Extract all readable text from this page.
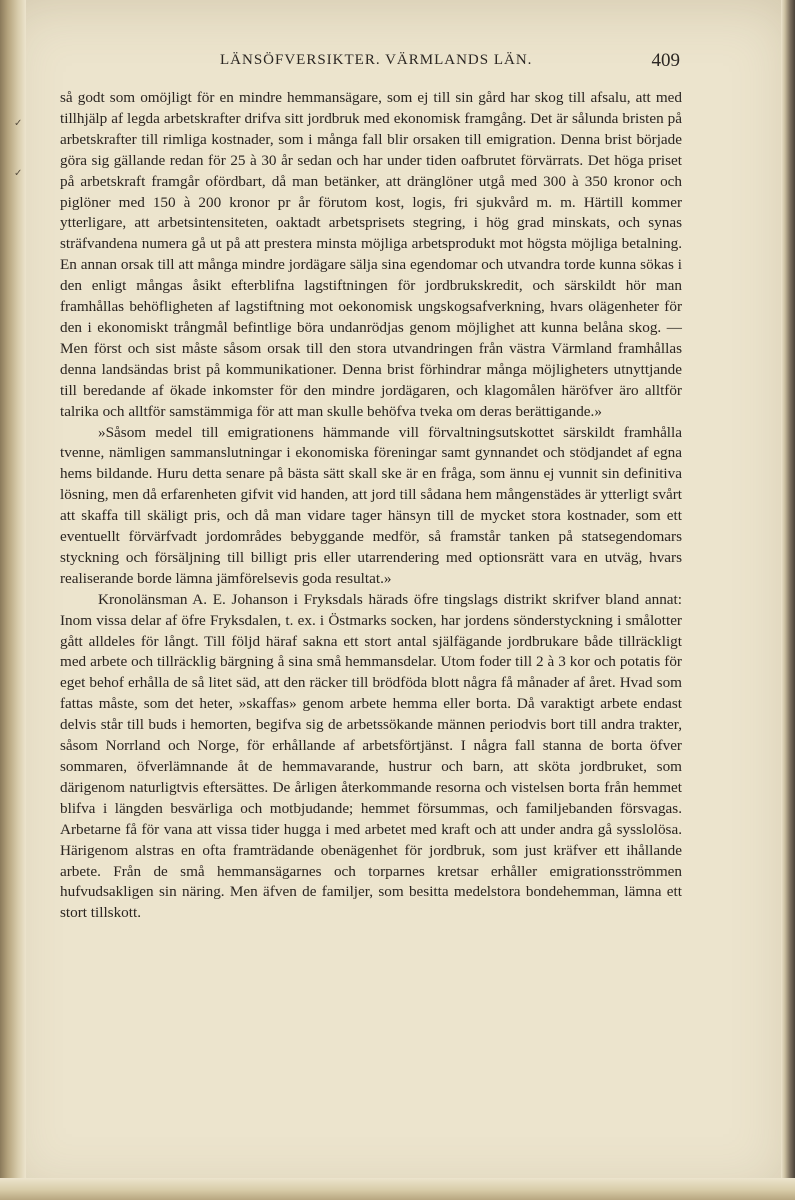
✓
✓
LÄNSÖFVERSIKTER. VÄRMLANDS LÄN.	409

så godt som omöjligt för en mindre hemmansägare, som ej till sin gård har skog till afsalu, att med tillhjälp af legda arbetskrafter drifva sitt jordbruk med ekonomisk framgång. Det är sålunda bristen på arbetskrafter till rimliga kostnader, som i många fall blir orsaken till emigration. Denna brist började göra sig gällande redan för 25 à 30 år sedan och har under tiden oafbrutet förvärrats. Det höga priset på arbetskraft framgår ofördbart, då man betänker, att dränglöner utgå med 300 à 350 kronor och piglöner med 150 à 200 kronor pr år förutom kost, logis, fri sjukvård m. m. Härtill kommer ytterligare, att arbetsintensiteten, oaktadt arbetsprisets stegring, i hög grad minskats, och synas sträfvandena numera gå ut på att prestera minsta möjliga arbetsprodukt mot högsta möjliga betalning. En annan orsak till att många mindre jordägare sälja sina egendomar och utvandra torde kunna sökas i den enligt mångas åsikt efterblifna lagstiftningen för jordbrukskredit, och särskildt hör man framhållas behöfligheten af lagstiftning mot oekonomisk ungskogsafverkning, hvars olägenheter för den i ekonomiskt trångmål befintlige böra undanrödjas genom möjlighet att kunna belåna skog. — Men först och sist måste såsom orsak till den stora utvandringen från västra Värmland framhållas denna landsändas brist på kommunikationer. Denna brist förhindrar många möjligheters utnyttjande till beredande af ökade inkomster för den mindre jordägaren, och klagomålen häröfver äro alltför talrika och alltför samstämmiga för att man skulle behöfva tveka om deras berättigande.»

»Såsom medel till emigrationens hämmande vill förvaltningsutskottet särskildt framhålla tvenne, nämligen sammanslutningar i ekonomiska föreningar samt gynnandet och stödjandet af egna hems bildande. Huru detta senare på bästa sätt skall ske är en fråga, som ännu ej vunnit sin definitiva lösning, men då erfarenheten gifvit vid handen, att jord till sådana hem mångenstädes är ytterligt svårt att skaffa till skäligt pris, och då man vidare tager hänsyn till de mycket stora kostnader, som ett eventuellt förvärfvadt jordområdes bebyggande medför, så framstår tanken på statsegendomars styckning och försäljning till billigt pris eller utarrendering med optionsrätt vara en utväg, hvars realiserande borde lämna jämförelsevis goda resultat.»

Kronolänsman A. E. Johanson i Fryksdals härads öfre tingslags distrikt skrifver bland annat: Inom vissa delar af öfre Fryksdalen, t. ex. i Östmarks socken, har jordens sönderstyckning i smålotter gått alldeles för långt. Till följd häraf sakna ett stort antal själfägande jordbrukare både tillräckligt med arbete och tillräcklig bärgning å sina små hemmansdelar. Utom foder till 2 à 3 kor och potatis för eget behof erhålla de så litet säd, att den räcker till brödföda blott några få månader af året. Hvad som fattas måste, som det heter, »skaffas» genom arbete hemma eller borta. Då varaktigt arbete endast delvis står till buds i hemorten, begifva sig de arbetssökande männen periodvis bort till andra trakter, såsom Norrland och Norge, för erhållande af arbetsförtjänst. I några fall stanna de borta öfver sommaren, öfverlämnande åt de hemmavarande, hustrur och barn, att sköta jordbruket, som därigenom naturligtvis eftersättes. De årligen återkommande resorna och vistelsen borta från hemmet blifva i längden besvärliga och motbjudande; hemmet försummas, och familjebanden försvagas. Arbetarne få för vana att vissa tider hugga i med arbetet med kraft och att under andra gå sysslolösa. Härigenom alstras en ofta framträdande obenägenhet för jordbruk, som just kräfver ett ihållande arbete. Från de små hemmansägarnes och torparnes kretsar erhåller emigrationsströmmen hufvudsakligen sin näring. Men äfven de familjer, som besitta medelstora bondehemman, lämna ett stort tillskott.
